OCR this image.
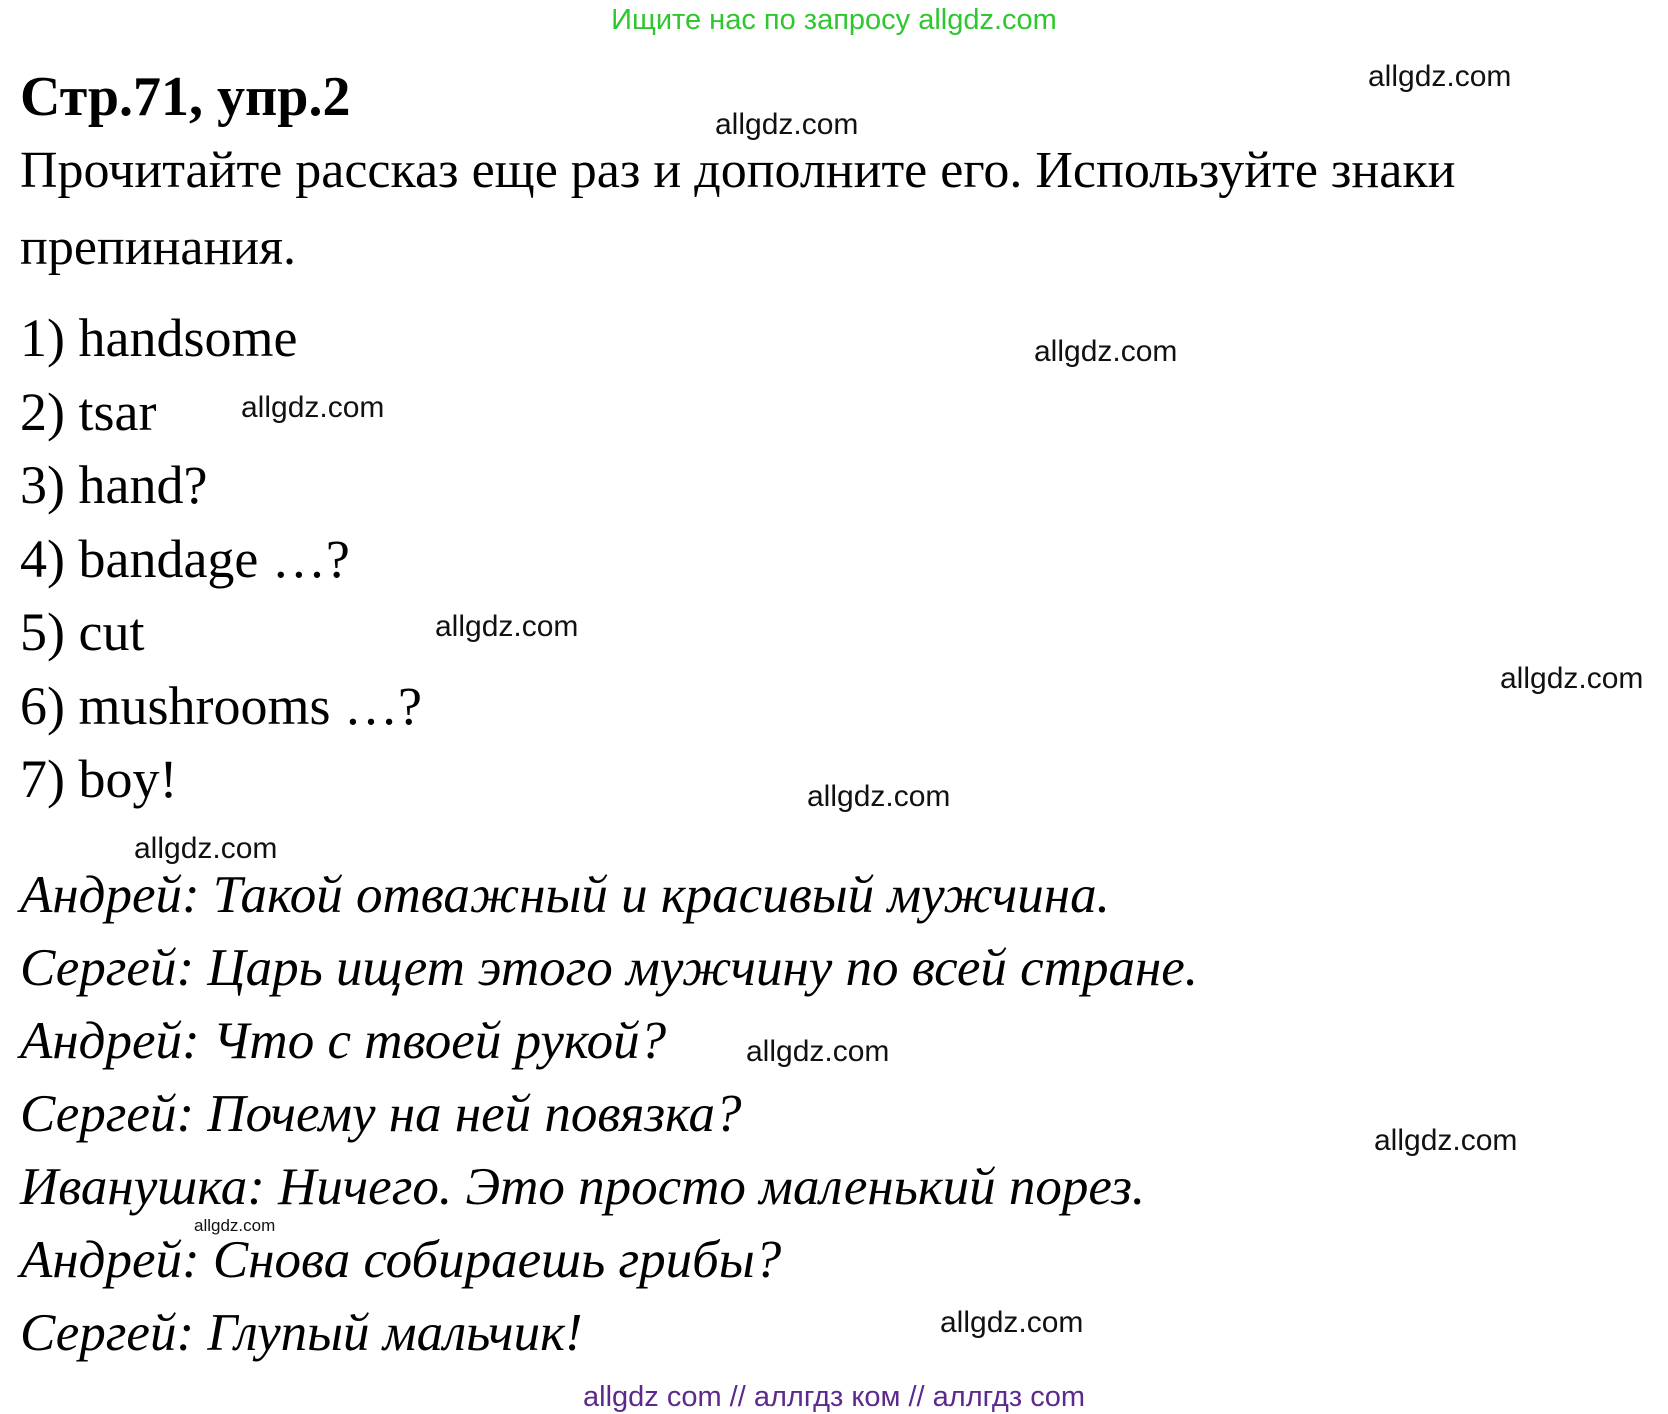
Ищите нас по запросу allgdz.com
Стр.71, упр.2

Прочитайте рассказ еще раз и дополните его. Используйте знаки препинания.

1) handsome
2) tsar
3) hand?
4) bandage …?
5) cut
6) mushrooms …?
7) boy!
Андрей: Такой отважный и красивый мужчина.
Сергей: Царь ищет этого мужчину по всей стране.
Андрей: Что с твоей рукой?
Сергей: Почему на ней повязка?
Иванушка: Ничего. Это просто маленький порез.
Андрей: Снова собираешь грибы?
Сергей: Глупый мальчик!
allgdz.com
allgdz.com
allgdz.com
allgdz.com
allgdz.com
allgdz.com
allgdz.com
allgdz.com
allgdz.com
allgdz.com
allgdz.com
allgdz.com
allgdz com // аллгдз ком // аллгдз com
